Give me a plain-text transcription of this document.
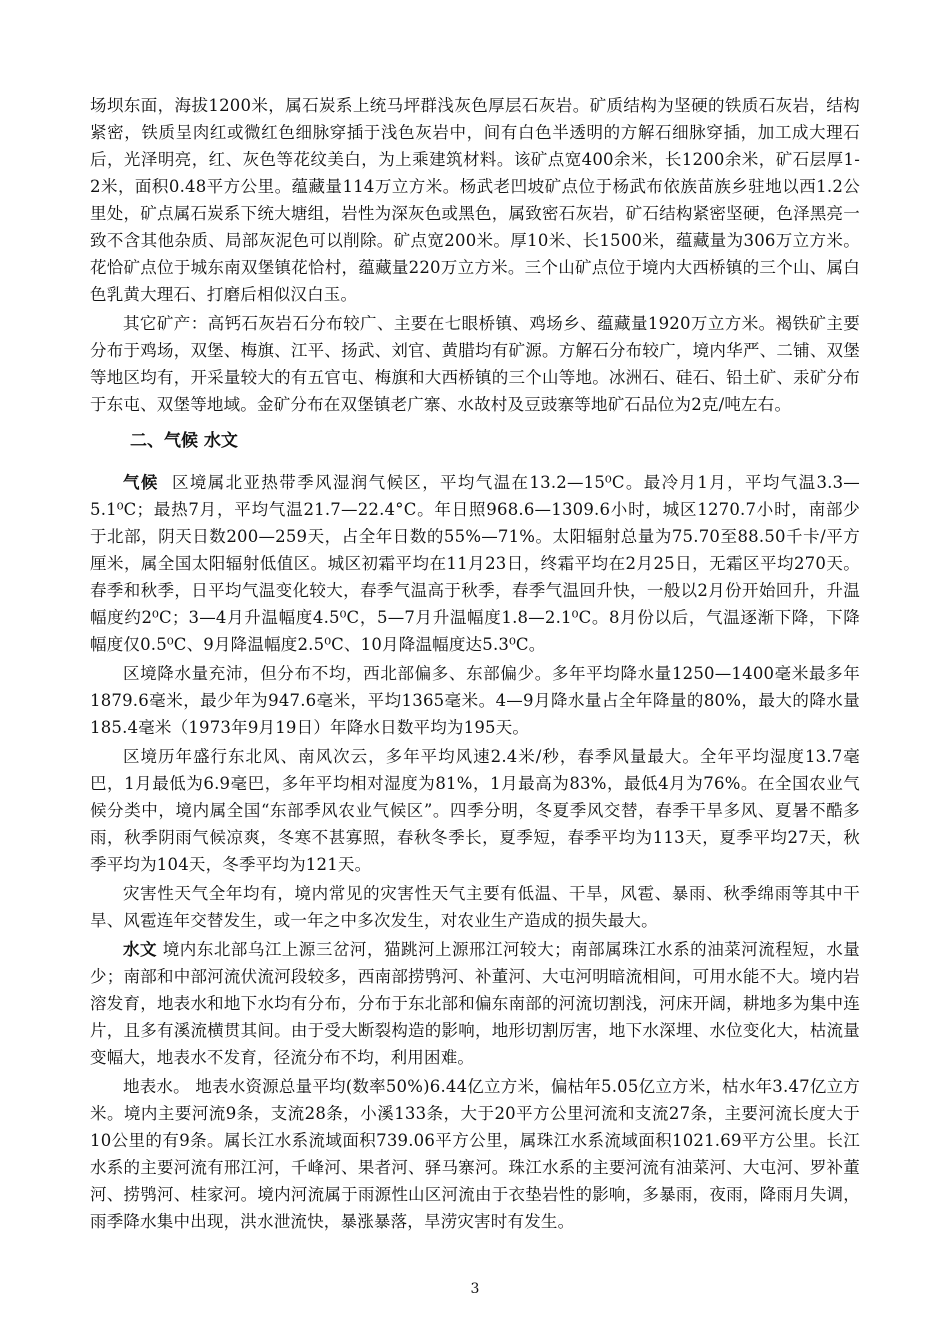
场坝东面，海拔1200米，属石炭系上统马坪群浅灰色厚层石灰岩。矿质结构为坚硬的铁质石灰岩，结构紧密，铁质呈肉红或微红色细脉穿插于浅色灰岩中，间有白色半透明的方解石细脉穿插，加工成大理石后，光泽明亮，红、灰色等花纹美白，为上乘建筑材料。该矿点宽400余米，长1200余米，矿石层厚1-2米，面积0.48平方公里。蕴藏量114万立方米。杨武老凹坡矿点位于杨武布依族苗族乡驻地以西1.2公里处，矿点属石炭系下统大塘组，岩性为深灰色或黑色，属致密石灰岩，矿石结构紧密坚硬，色泽黑亮一致不含其他杂质、局部灰泥色可以削除。矿点宽200米。厚10米、长1500米，蕴藏量为306万立方米。花恰矿点位于城东南双堡镇花恰村，蕴藏量220万立方米。三个山矿点位于境内大西桥镇的三个山、属白色乳黄大理石、打磨后相似汉白玉。

其它矿产：高钙石灰岩石分布较广、主要在七眼桥镇、鸡场乡、蕴藏量1920万立方米。褐铁矿主要分布于鸡场，双堡、梅旗、江平、扬武、刘官、黄腊均有矿源。方解石分布较广，境内华严、二铺、双堡等地区均有，开采量较大的有五官屯、梅旗和大西桥镇的三个山等地。冰洲石、硅石、铅土矿、汞矿分布于东屯、双堡等地域。金矿分布在双堡镇老广寨、水故村及豆豉寨等地矿石品位为2克/吨左右。

二、气候 水文

气候  区境属北亚热带季风湿润气候区，平均气温在13.2—15⁰C。最冷月1月，平均气温3.3—5.1⁰C；最热7月，平均气温21.7—22.4°C。年日照968.6—1309.6小时，城区1270.7小时，南部少于北部，阴天日数200—259天，占全年日数的55%—71%。太阳辐射总量为75.70至88.50千卡/平方厘米，属全国太阳辐射低值区。城区初霜平均在11月23日，终霜平均在2月25日，无霜区平均270天。春季和秋季，日平均气温变化较大，春季气温高于秋季，春季气温回升快，一般以2月份开始回升，升温幅度约2⁰C；3—4月升温幅度4.5⁰C，5—7月升温幅度1.8—2.1⁰C。8月份以后，气温逐渐下降，下降幅度仅0.5⁰C、9月降温幅度2.5⁰C、10月降温幅度达5.3⁰C。

区境降水量充沛，但分布不均，西北部偏多、东部偏少。多年平均降水量1250—1400毫米最多年1879.6毫米，最少年为947.6毫米，平均1365毫米。4—9月降水量占全年降量的80%，最大的降水量185.4毫米（1973年9月19日）年降水日数平均为195天。

区境历年盛行东北风、南风次云，多年平均风速2.4米/秒，春季风量最大。全年平均湿度13.7毫巴，1月最低为6.9毫巴，多年平均相对湿度为81%，1月最高为83%，最低4月为76%。在全国农业气候分类中，境内属全国“东部季风农业气候区”。四季分明，冬夏季风交替，春季干旱多风、夏暑不酷多雨，秋季阴雨气候凉爽，冬寒不甚寡照，春秋冬季长，夏季短，春季平均为113天，夏季平均27天，秋季平均为104天，冬季平均为121天。

灾害性天气全年均有，境内常见的灾害性天气主要有低温、干旱，风雹、暴雨、秋季绵雨等其中干旱、风雹连年交替发生，或一年之中多次发生，对农业生产造成的损失最大。

水文 境内东北部乌江上源三岔河，猫跳河上源邢江河较大；南部属珠江水系的油菜河流程短，水量少；南部和中部河流伏流河段较多，西南部捞鸮河、补董河、大屯河明暗流相间，可用水能不大。境内岩溶发育，地表水和地下水均有分布，分布于东北部和偏东南部的河流切割浅，河床开阔，耕地多为集中连片，且多有溪流横贯其间。由于受大断裂构造的影响，地形切割厉害，地下水深埋、水位变化大，枯流量变幅大，地表水不发育，径流分布不均，利用困难。

地表水。 地表水资源总量平均(数率50%)6.44亿立方米，偏枯年5.05亿立方米，枯水年3.47亿立方米。境内主要河流9条，支流28条，小溪133条，大于20平方公里河流和支流27条，主要河流长度大于10公里的有9条。属长江水系流域面积739.06平方公里，属珠江水系流域面积1021.69平方公里。长江水系的主要河流有邢江河，千峰河、果者河、驿马寨河。珠江水系的主要河流有油菜河、大屯河、罗补董河、捞鸮河、桂家河。境内河流属于雨源性山区河流由于衣垫岩性的影响，多暴雨，夜雨，降雨月失调，雨季降水集中出现，洪水泄流快，暴涨暴落，旱涝灾害时有发生。

3
